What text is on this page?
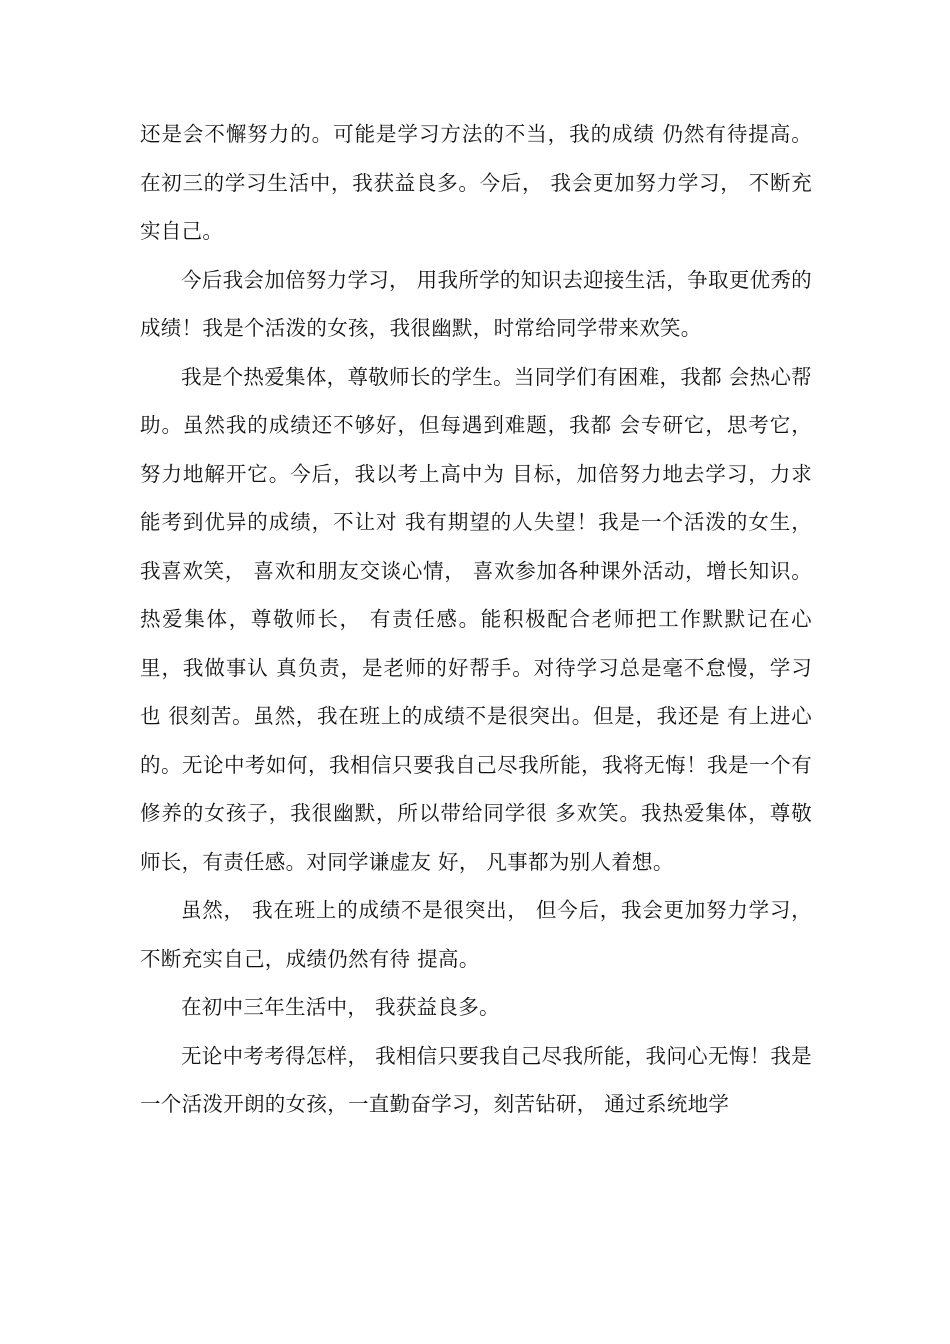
还是会不懈努力的。可能是学习方法的不当，我的成绩 仍然有待提高。在初三的学习生活中，我获益良多。今后， 我会更加努力学习， 不断充实自己。

今后我会加倍努力学习， 用我所学的知识去迎接生活，争取更优秀的成绩！我是个活泼的女孩，我很幽默，时常给同学带来欢笑。

我是个热爱集体，尊敬师长的学生。当同学们有困难，我都 会热心帮助。虽然我的成绩还不够好，但每遇到难题，我都 会专研它，思考它，努力地解开它。今后，我以考上高中为 目标，加倍努力地去学习，力求能考到优异的成绩，不让对 我有期望的人失望！我是一个活泼的女生， 我喜欢笑， 喜欢和朋友交谈心情， 喜欢参加各种课外活动，增长知识。热爱集体，尊敬师长， 有责任感。能积极配合老师把工作默默记在心里，我做事认 真负责，是老师的好帮手。对待学习总是毫不怠慢，学习也 很刻苦。虽然，我在班上的成绩不是很突出。但是，我还是 有上进心的。无论中考如何，我相信只要我自己尽我所能，我将无悔！我是一个有修养的女孩子，我很幽默，所以带给同学很 多欢笑。我热爱集体，尊敬师长，有责任感。对同学谦虚友 好， 凡事都为别人着想。

虽然， 我在班上的成绩不是很突出， 但今后，我会更加努力学习，不断充实自己，成绩仍然有待 提高。

在初中三年生活中， 我获益良多。

无论中考考得怎样， 我相信只要我自己尽我所能，我问心无悔！我是一个活泼开朗的女孩，一直勤奋学习，刻苦钻研， 通过系统地学
